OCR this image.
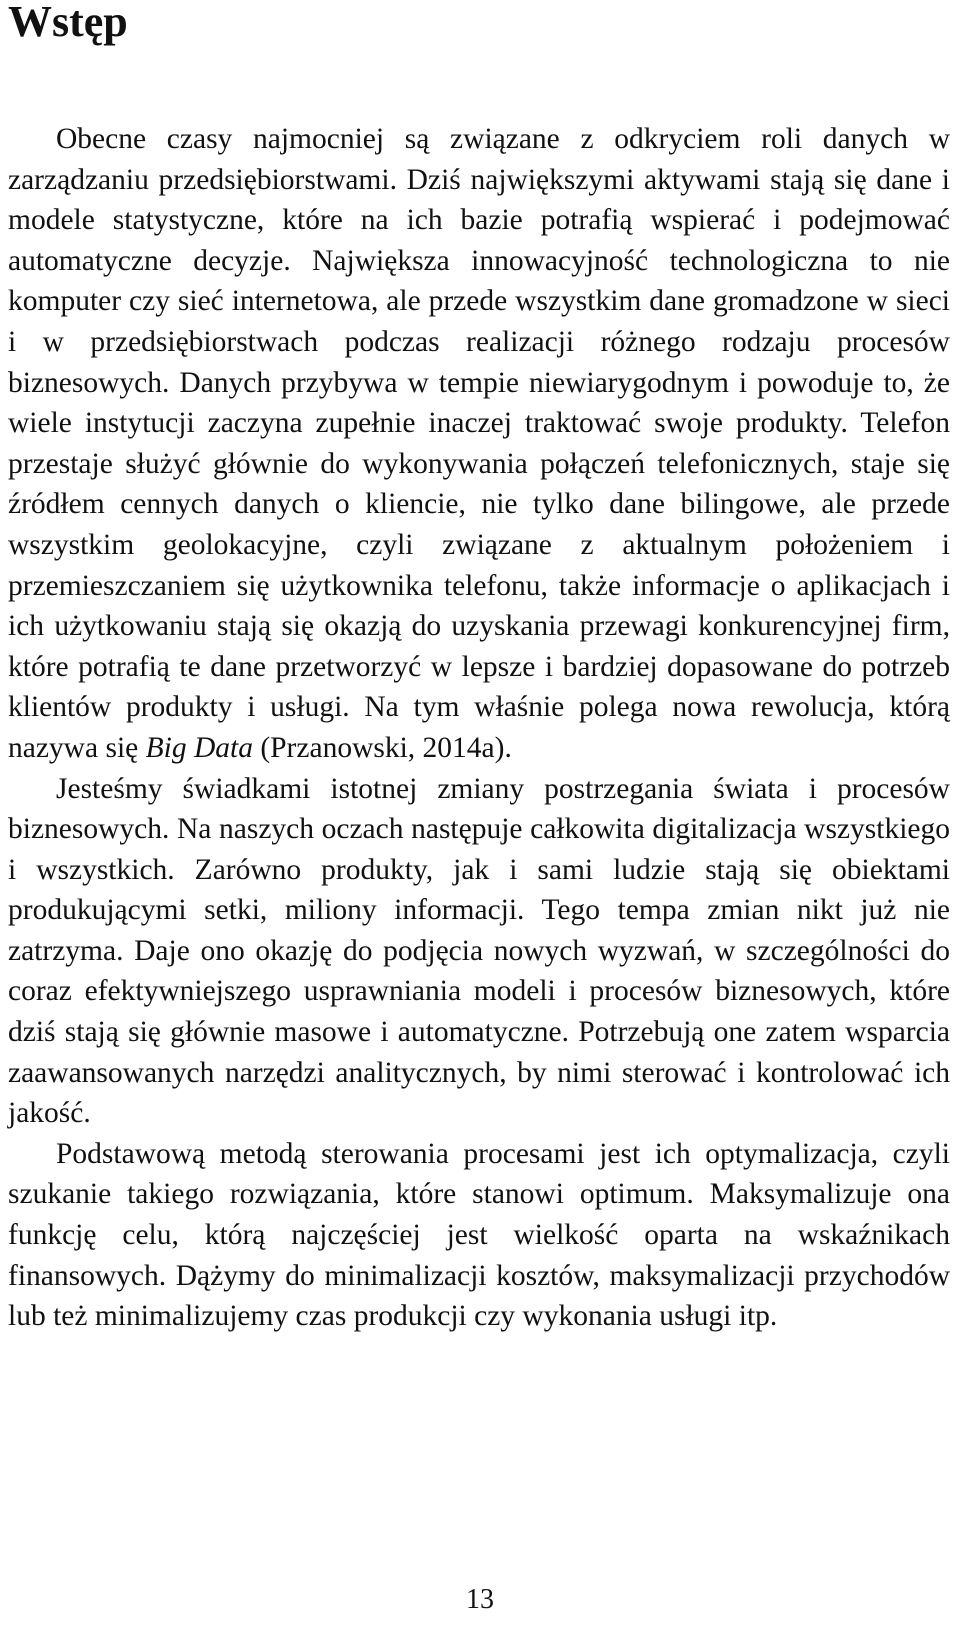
Wstęp

Obecne czasy najmocniej są związane z odkryciem roli danych w zarządzaniu przedsiębiorstwami. Dziś największymi aktywami stają się dane i modele statystyczne, które na ich bazie potrafią wspierać i podejmować automatyczne decyzje. Największa innowacyjność technologiczna to nie komputer czy sieć internetowa, ale przede wszystkim dane gromadzone w sieci i w przedsiębiorstwach podczas realizacji różnego rodzaju procesów biznesowych. Danych przybywa w tempie niewiarygodnym i powoduje to, że wiele instytucji zaczyna zupełnie inaczej traktować swoje produkty. Telefon przestaje służyć głównie do wykonywania połączeń telefonicznych, staje się źródłem cennych danych o kliencie, nie tylko dane bilingowe, ale przede wszystkim geolokacyjne, czyli związane z aktualnym położeniem i przemieszczaniem się użytkownika telefonu, także informacje o aplikacjach i ich użytkowaniu stają się okazją do uzyskania przewagi konkurencyjnej firm, które potrafią te dane przetworzyć w lepsze i bardziej dopasowane do potrzeb klientów produkty i usługi. Na tym właśnie polega nowa rewolucja, którą nazywa się Big Data (Przanowski, 2014a).

Jesteśmy świadkami istotnej zmiany postrzegania świata i procesów biznesowych. Na naszych oczach następuje całkowita digitalizacja wszystkiego i wszystkich. Zarówno produkty, jak i sami ludzie stają się obiektami produkującymi setki, miliony informacji. Tego tempa zmian nikt już nie zatrzyma. Daje ono okazję do podjęcia nowych wyzwań, w szczególności do coraz efektywniejszego usprawniania modeli i procesów biznesowych, które dziś stają się głównie masowe i automatyczne. Potrzebują one zatem wsparcia zaawansowanych narzędzi analitycznych, by nimi sterować i kontrolować ich jakość.

Podstawową metodą sterowania procesami jest ich optymalizacja, czyli szukanie takiego rozwiązania, które stanowi optimum. Maksymalizuje ona funkcję celu, którą najczęściej jest wielkość oparta na wskaźnikach finansowych. Dążymy do minimalizacji kosztów, maksymalizacji przychodów lub też minimalizujemy czas produkcji czy wykonania usługi itp.

13
